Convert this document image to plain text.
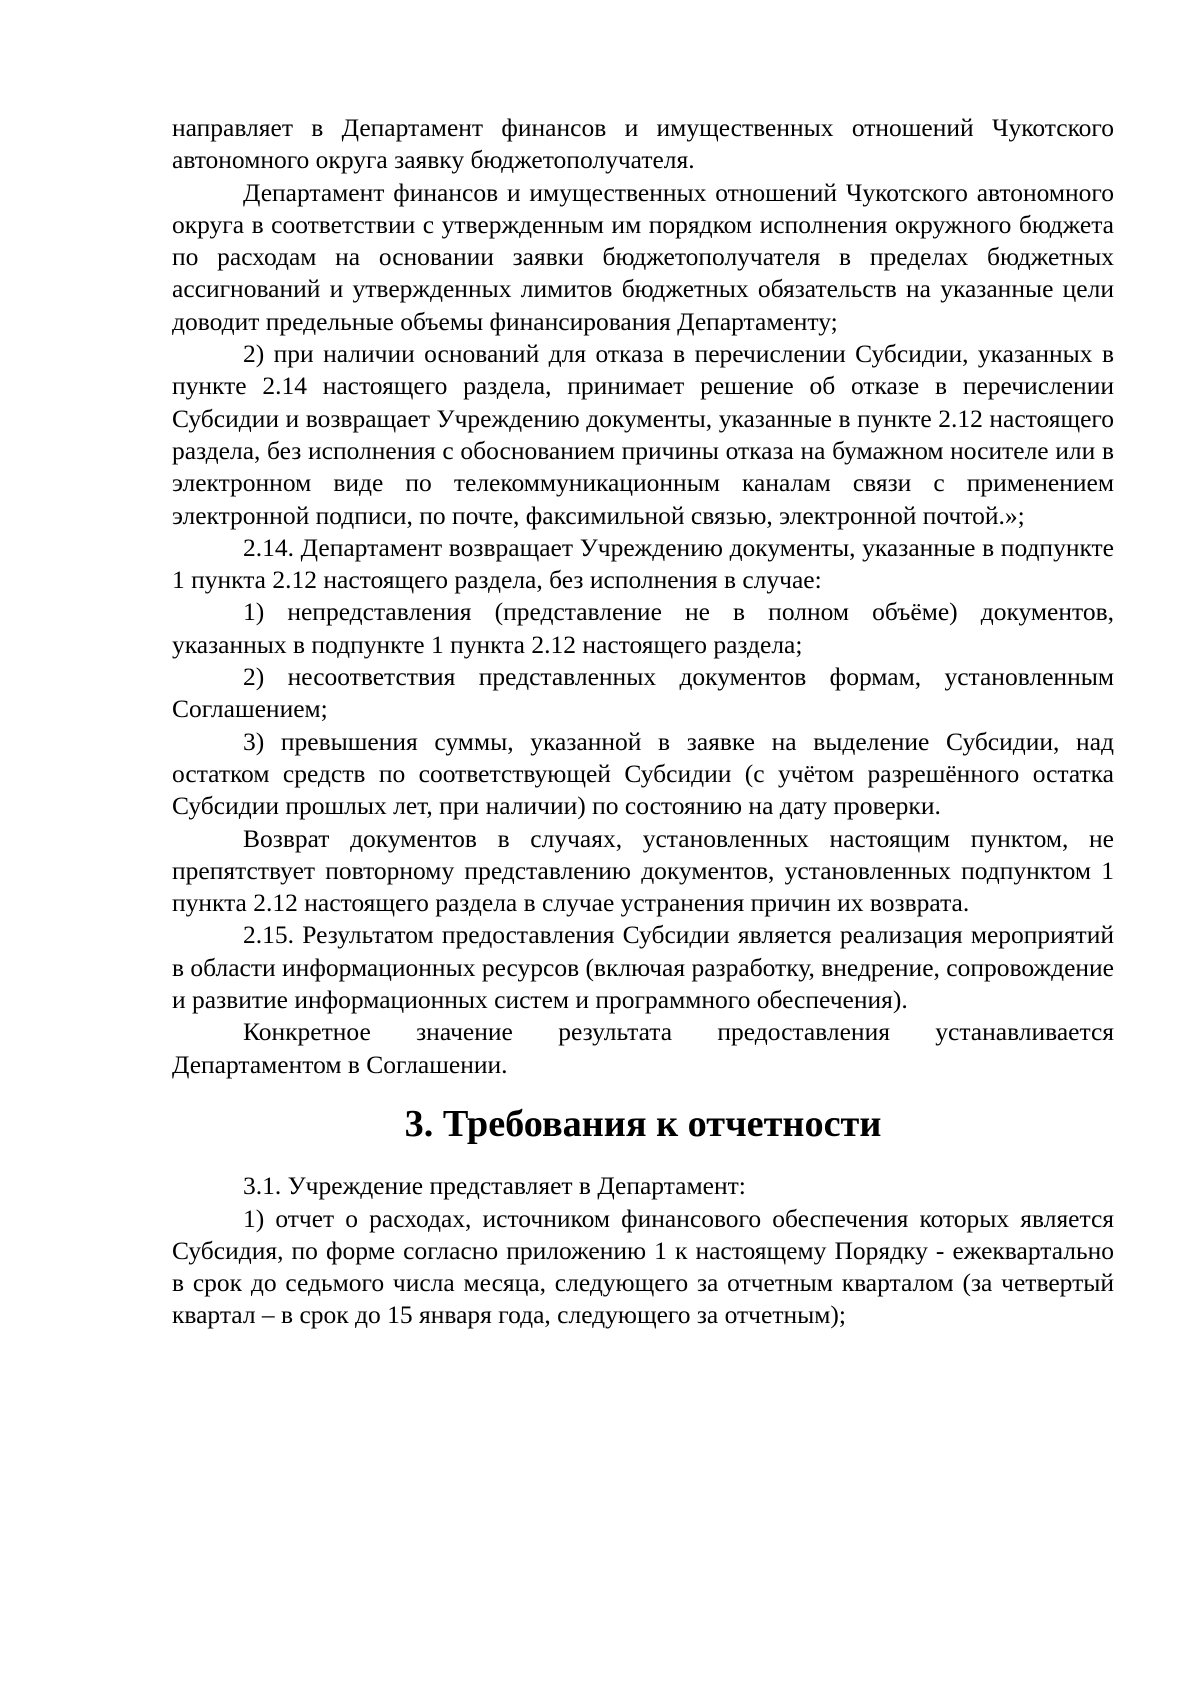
направляет в Департамент финансов и имущественных отношений Чукотского автономного округа заявку бюджетополучателя.

Департамент финансов и имущественных отношений Чукотского автономного округа в соответствии с утвержденным им порядком исполнения окружного бюджета по расходам на основании заявки бюджетополучателя в пределах бюджетных ассигнований и утвержденных лимитов бюджетных обязательств на указанные цели доводит предельные объемы финансирования Департаменту;

2) при наличии оснований для отказа в перечислении Субсидии, указанных в пункте 2.14 настоящего раздела, принимает решение об отказе в перечислении Субсидии и возвращает Учреждению документы, указанные в пункте 2.12 настоящего раздела, без исполнения с обоснованием причины отказа на бумажном носителе или в электронном виде по телекоммуникационным каналам связи с применением электронной подписи, по почте, факсимильной связью, электронной почтой.»;

2.14. Департамент возвращает Учреждению документы, указанные в подпункте 1 пункта 2.12 настоящего раздела, без исполнения в случае:

1) непредставления (представление не в полном объёме) документов, указанных в подпункте 1 пункта 2.12 настоящего раздела;

2) несоответствия представленных документов формам, установленным Соглашением;

3) превышения суммы, указанной в заявке на выделение Субсидии, над остатком средств по соответствующей Субсидии (с учётом разрешённого остатка Субсидии прошлых лет, при наличии) по состоянию на дату проверки.

Возврат документов в случаях, установленных настоящим пунктом, не препятствует повторному представлению документов, установленных подпунктом 1 пункта 2.12 настоящего раздела в случае устранения причин их возврата.

2.15. Результатом предоставления Субсидии является реализация мероприятий в области информационных ресурсов (включая разработку, внедрение, сопровождение и развитие информационных систем и программного обеспечения).

Конкретное значение результата предоставления устанавливается Департаментом в Соглашении.

3. Требования к отчетности

3.1. Учреждение представляет в Департамент:

1) отчет о расходах, источником финансового обеспечения которых является Субсидия, по форме согласно приложению 1 к настоящему Порядку - ежеквартально в срок до седьмого числа месяца, следующего за отчетным кварталом (за четвертый квартал – в срок до 15 января года, следующего за отчетным);
